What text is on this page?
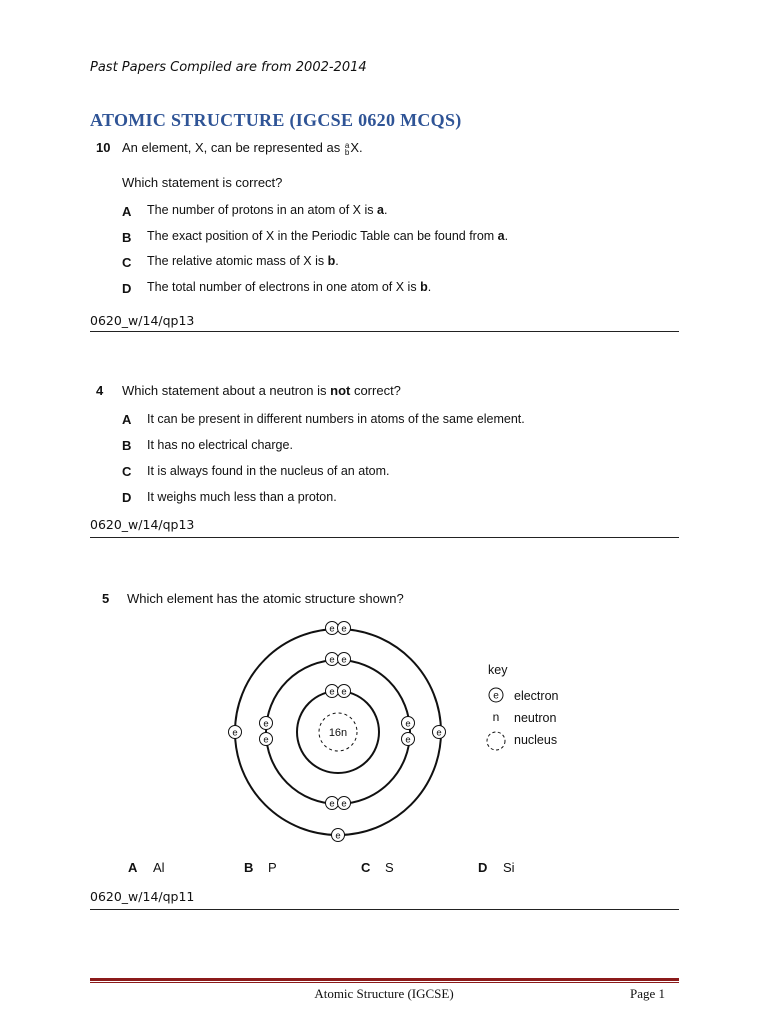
Past Papers Compiled are from 2002-2014
ATOMIC STRUCTURE (IGCSE 0620 MCQS)
10 An element, X, can be represented as a
bX.
Which statement is correct?
A The number of protons in an atom of X is a.
B The exact position of X in the Periodic Table can be found from a.
C The relative atomic mass of X is b.
D The total number of electrons in one atom of X is b.
0620_w/14/qp13
4 Which statement about a neutron is not correct?
A It can be present in different numbers in atoms of the same element.
B It has no electrical charge.
C It is always found in the nucleus of an atom.
D It weighs much less than a proton.
0620_w/14/qp13
5 Which element has the atomic structure shown?
16n
e e
e e
e e
e
e
e
e
e
e
e e
e
key
e
n
electron
neutron
nucleus
A Al	B P	C S	D Si
0620_w/14/qp11
Atomic Structure (IGCSE)	Page 1
